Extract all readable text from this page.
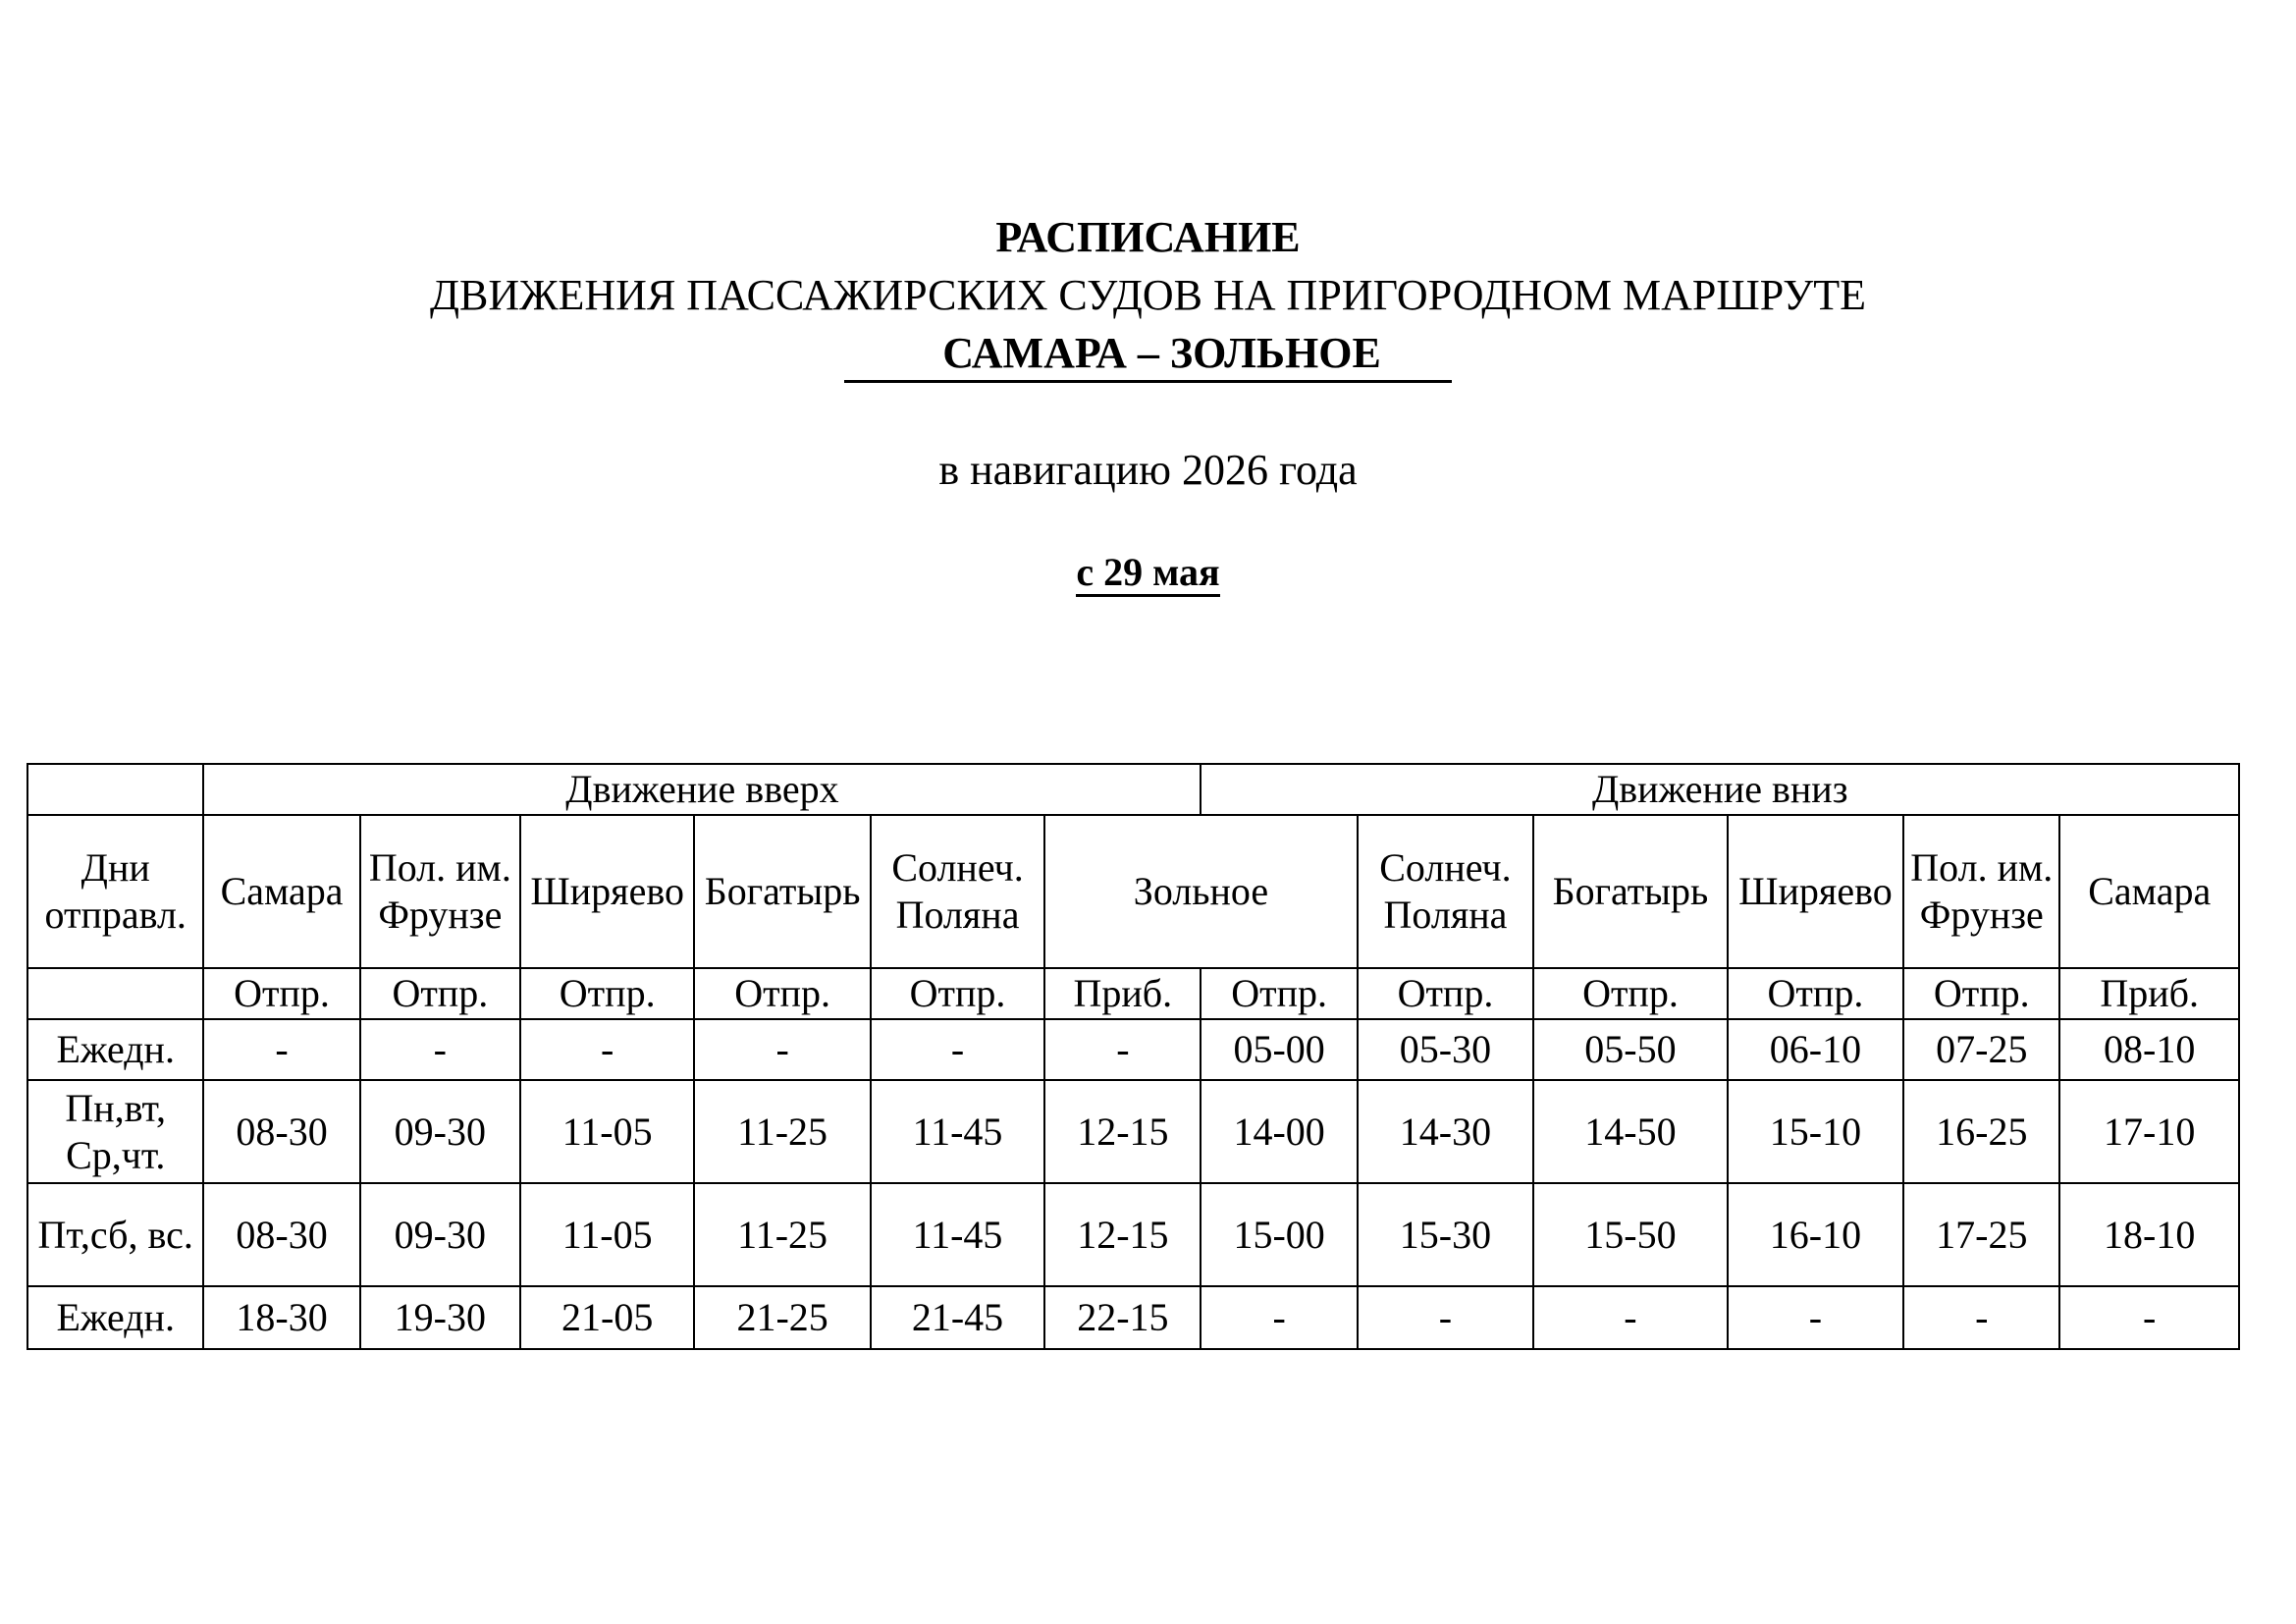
РАСПИСАНИЕ
ДВИЖЕНИЯ ПАССАЖИРСКИХ СУДОВ НА ПРИГОРОДНОМ МАРШРУТЕ
САМАРА – ЗОЛЬНОЕ
в навигацию 2026 года
с 29 мая
	Движение вверх						Движение вниз					
Дни отправл.	Самара	Пол. им. Фрунзе	Ширяево	Богатырь	Солнеч. Поляна	Зольное		Солнеч. Поляна	Богатырь	Ширяево	Пол. им. Фрунзе	Самара
	Отпр.	Отпр.	Отпр.	Отпр.	Отпр.	Приб.	Отпр.	Отпр.	Отпр.	Отпр.	Отпр.	Приб.
Ежедн.	-	-	-	-	-	-	05-00	05-30	05-50	06-10	07-25	08-10
Пн,вт, Ср,чт.	08-30	09-30	11-05	11-25	11-45	12-15	14-00	14-30	14-50	15-10	16-25	17-10
Пт,сб, вс.	08-30	09-30	11-05	11-25	11-45	12-15	15-00	15-30	15-50	16-10	17-25	18-10
Ежедн.	18-30	19-30	21-05	21-25	21-45	22-15	-	-	-	-	-	-
